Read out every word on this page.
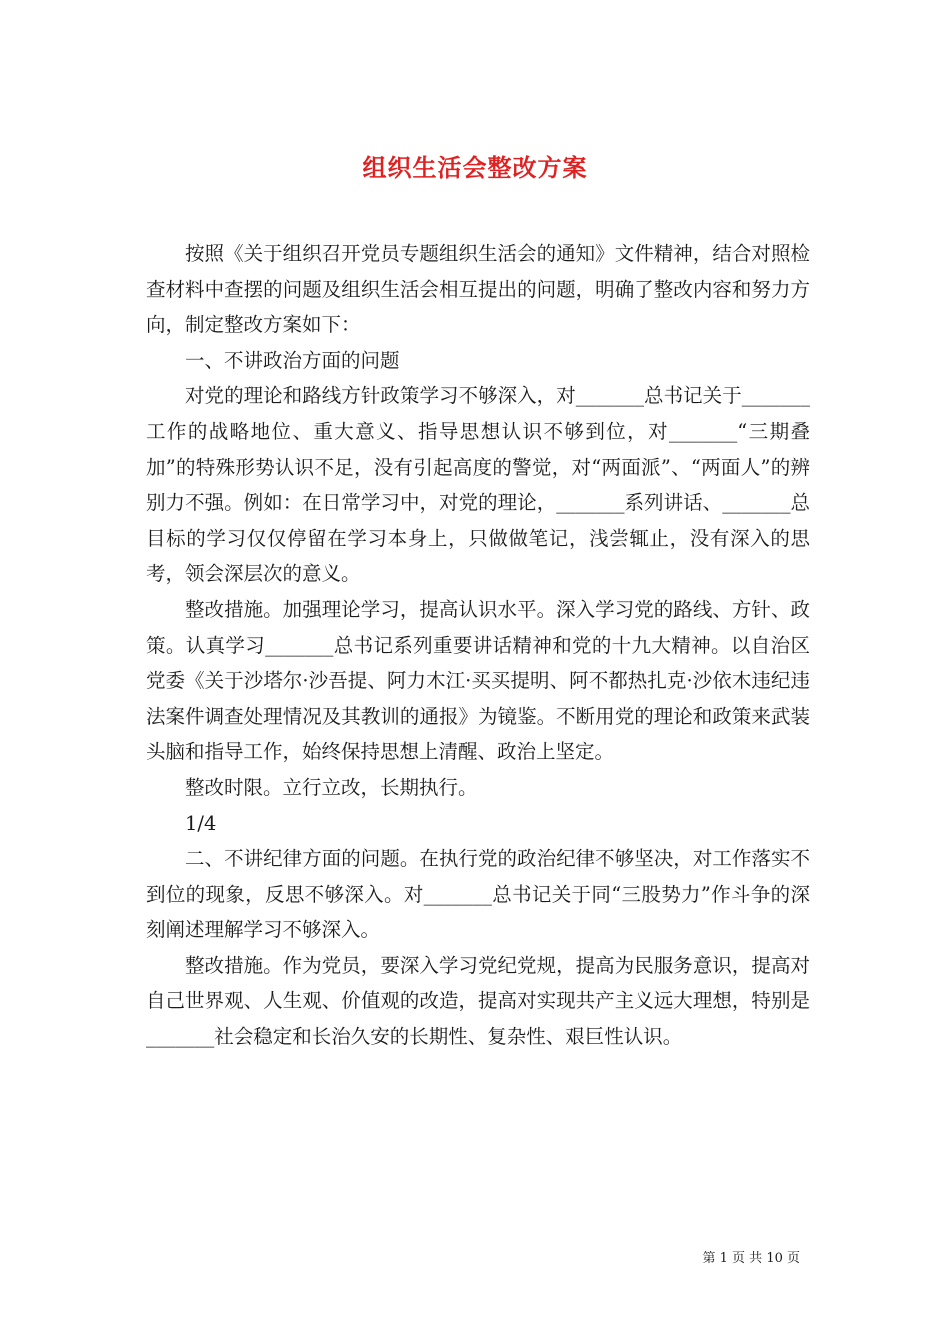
组织生活会整改方案

按照《关于组织召开党员专题组织生活会的通知》文件精神，结合对照检查材料中查摆的问题及组织生活会相互提出的问题，明确了整改内容和努力方向，制定整改方案如下：

一、不讲政治方面的问题

对党的理论和路线方针政策学习不够深入，对_______总书记关于_______工作的战略地位、重大意义、指导思想认识不够到位，对_______“三期叠加”的特殊形势认识不足，没有引起高度的警觉，对“两面派”、“两面人”的辨别力不强。例如：在日常学习中，对党的理论，_______系列讲话、_______总目标的学习仅仅停留在学习本身上，只做做笔记，浅尝辄止，没有深入的思考，领会深层次的意义。

整改措施。加强理论学习，提高认识水平。深入学习党的路线、方针、政策。认真学习_______总书记系列重要讲话精神和党的十九大精神。以自治区党委《关于沙塔尔·沙吾提、阿力木江·买买提明、阿不都热扎克·沙依木违纪违法案件调查处理情况及其教训的通报》为镜鉴。不断用党的理论和政策来武装头脑和指导工作，始终保持思想上清醒、政治上坚定。

整改时限。立行立改，长期执行。

1/4

二、不讲纪律方面的问题。在执行党的政治纪律不够坚决，对工作落实不到位的现象，反思不够深入。对_______总书记关于同“三股势力”作斗争的深刻阐述理解学习不够深入。

整改措施。作为党员，要深入学习党纪党规，提高为民服务意识，提高对自己世界观、人生观、价值观的改造，提高对实现共产主义远大理想，特别是_______社会稳定和长治久安的长期性、复杂性、艰巨性认识。

第 1 页 共 10 页
